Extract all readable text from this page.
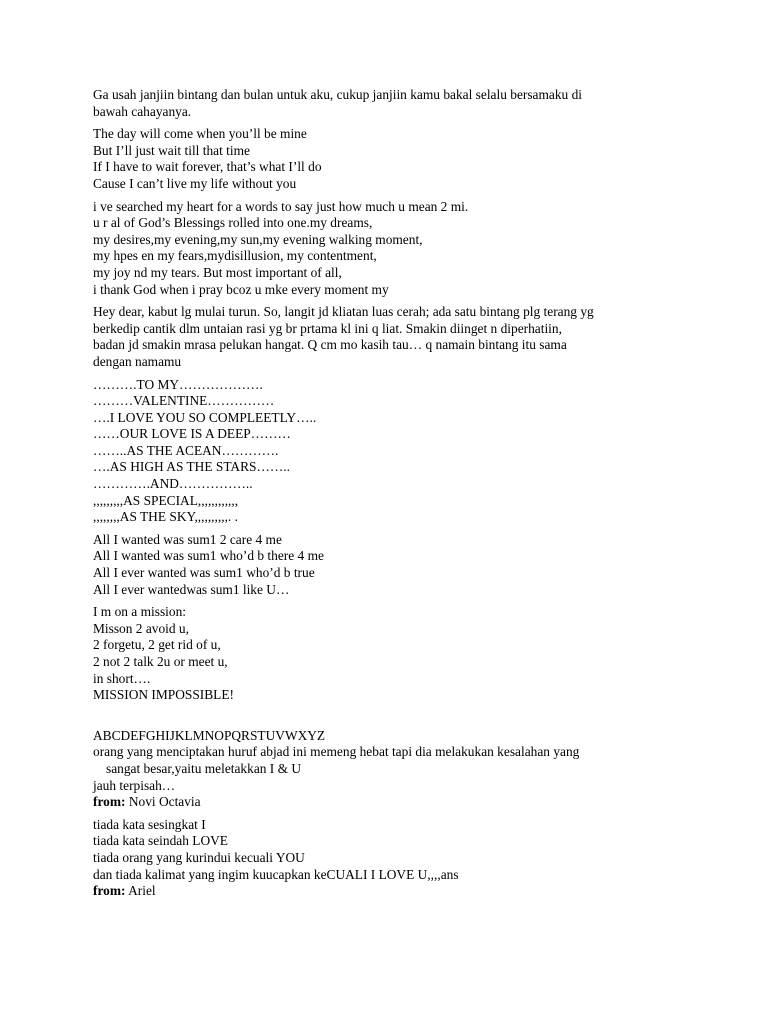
Ga usah janjiin bintang dan bulan untuk aku, cukup janjiin kamu bakal selalu bersamaku di
bawah cahayanya.
The day will come when you’ll be mine
But I’ll just wait till that time
If I have to wait forever, that’s what I’ll do
Cause I can’t live my life without you
i ve searched my heart for a words to say just how much u mean 2 mi.
u r al of God’s Blessings rolled into one.my dreams,
my desires,my evening,my sun,my evening walking moment,
my hpes en my fears,mydisillusion, my contentment,
my joy nd my tears. But most important of all,
i thank God when i pray bcoz u mke every moment my
Hey dear, kabut lg mulai turun. So, langit jd kliatan luas cerah; ada satu bintang plg terang yg
berkedip cantik dlm untaian rasi yg br prtama kl ini q liat. Smakin diinget n diperhatiin,
badan jd smakin mrasa pelukan hangat. Q cm mo kasih tau… q namain bintang itu sama
dengan namamu
……….TO MY……………….
………VALENTINE……………
….I LOVE YOU SO COMPLEETLY…..
……OUR LOVE IS A DEEP………
……..AS THE ACEAN………….
….AS HIGH AS THE STARS……..
………….AND……………..
,,,,,,,,,AS SPECIAL,,,,,,,,,,,,
,,,,,,,,AS THE SKY,,,,,,,,,,. .
All I wanted was sum1 2 care 4 me
All I wanted was sum1 who’d b there 4 me
All I ever wanted was sum1 who’d b true
All I ever wantedwas sum1 like U…
I m on a mission:
Misson 2 avoid u,
2 forgetu, 2 get rid of u,
2 not 2 talk 2u or meet u,
in short….
MISSION IMPOSSIBLE!
ABCDEFGHIJKLMNOPQRSTUVWXYZ
orang yang menciptakan huruf abjad ini memeng hebat tapi dia melakukan kesalahan yang
sangat besar,yaitu meletakkan I & U
jauh terpisah…
from: Novi Octavia
tiada kata sesingkat I
tiada kata seindah LOVE
tiada orang yang kurindui kecuali YOU
dan tiada kalimat yang ingim kuucapkan keCUALI I LOVE U,,,,ans
from: Ariel
